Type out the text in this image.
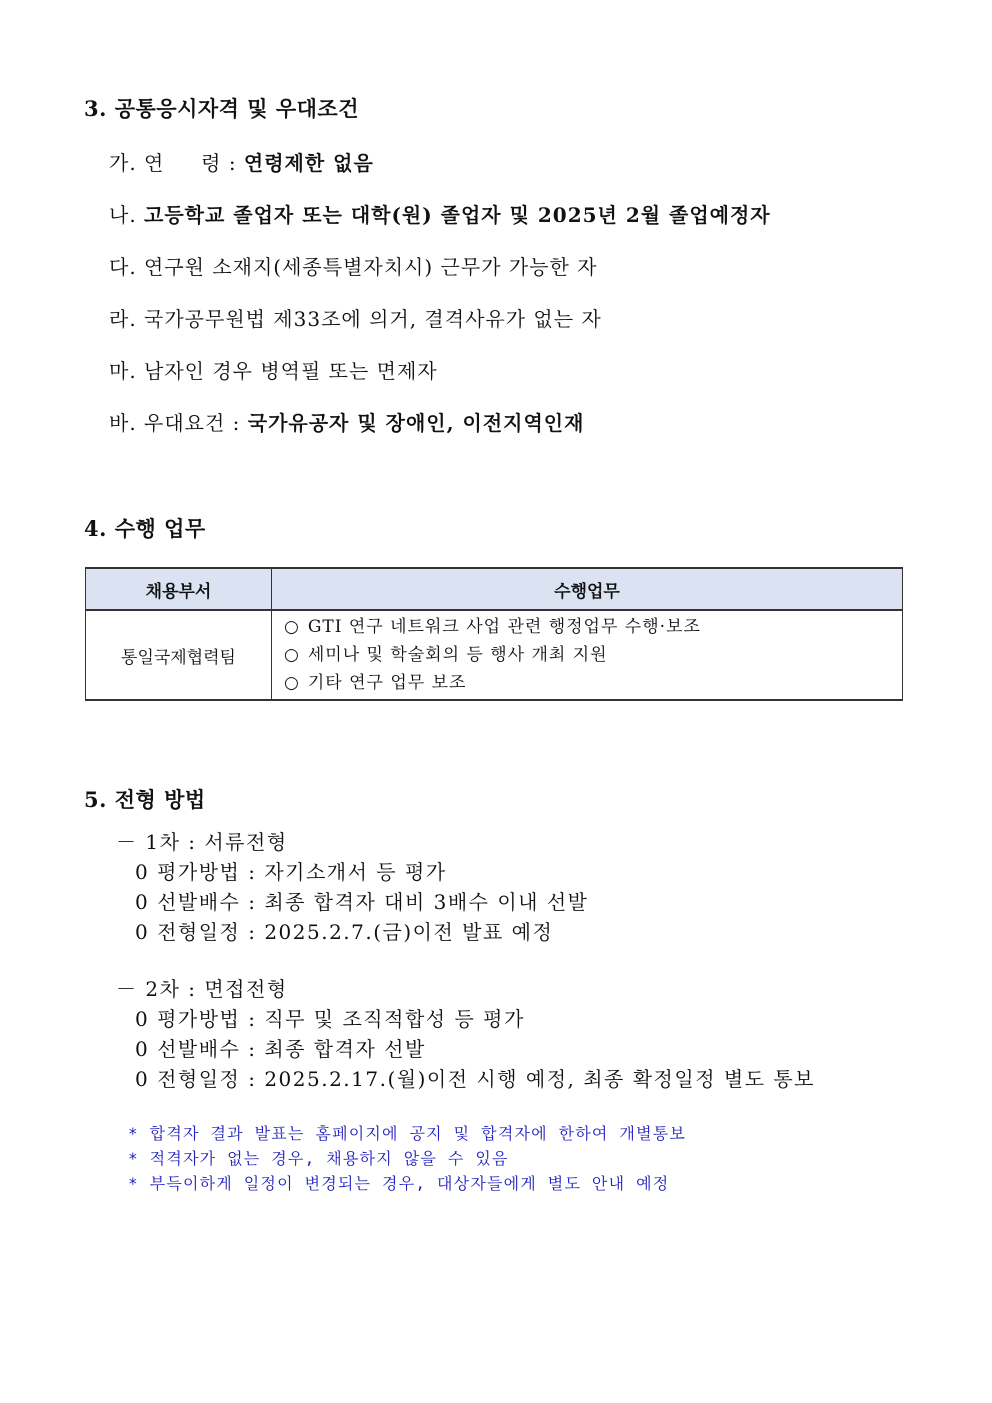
3. 공통응시자격 및 우대조건
가. 연     령 : 연령제한 없음
나. 고등학교 졸업자 또는 대학(원) 졸업자 및 2025년 2월 졸업예정자
다. 연구원 소재지(세종특별자치시) 근무가 가능한 자
라. 국가공무원법 제33조에 의거, 결격사유가 없는 자
마. 남자인 경우 병역필 또는 면제자
바. 우대요건 : 국가유공자 및 장애인, 이전지역인재
4. 수행 업무
채용부서	수행업무
통일국제협력팀	○ GTI 연구 네트워크 사업 관련 행정업무 수행·보조
○ 세미나 및 학술회의 등 행사 개최 지원
○ 기타 연구 업무 보조
5. 전형 방법
－ 1차 : 서류전형
0 평가방법 : 자기소개서 등 평가
0 선발배수 : 최종 합격자 대비 3배수 이내 선발
0 전형일정 : 2025.2.7.(금)이전 발표 예정
－ 2차 : 면접전형
0 평가방법 : 직무 및 조직적합성 등 평가
0 선발배수 : 최종 합격자 선발
0 전형일정 : 2025.2.17.(월)이전 시행 예정, 최종 확정일정 별도 통보
* 합격자 결과 발표는 홈페이지에 공지 및 합격자에 한하여 개별통보
* 적격자가 없는 경우, 채용하지 않을 수 있음
* 부득이하게 일정이 변경되는 경우, 대상자들에게 별도 안내 예정
